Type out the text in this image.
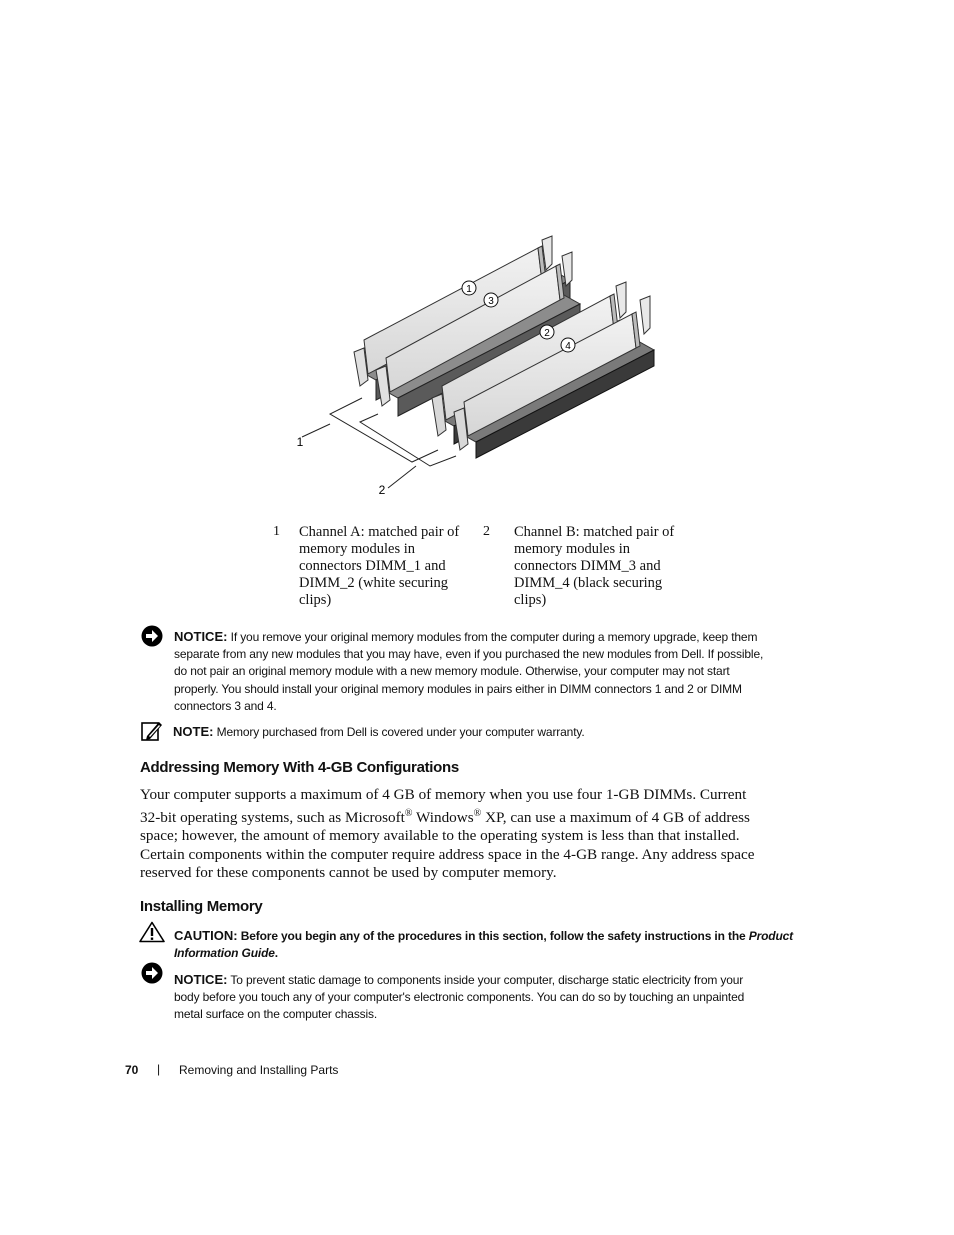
1
3
2
4
1
2
1 Channel A: matched pair of memory modules in connectors DIMM_1 and DIMM_2 (white securing clips)
2 Channel B: matched pair of memory modules in connectors DIMM_3 and DIMM_4 (black securing clips)
NOTICE: If you remove your original memory modules from the computer during a memory upgrade, keep them
separate from any new modules that you may have, even if you purchased the new modules from Dell. If possible,
do not pair an original memory module with a new memory module. Otherwise, your computer may not start
properly. You should install your original memory modules in pairs either in DIMM connectors 1 and 2 or DIMM
connectors 3 and 4.
NOTE: Memory purchased from Dell is covered under your computer warranty.
Addressing Memory With 4-GB Configurations
Your computer supports a maximum of 4 GB of memory when you use four 1-GB DIMMs. Current
32-bit operating systems, such as Microsoft® Windows® XP, can use a maximum of 4 GB of address
space; however, the amount of memory available to the operating system is less than that installed.
Certain components within the computer require address space in the 4-GB range. Any address space
reserved for these components cannot be used by computer memory.
Installing Memory
CAUTION: Before you begin any of the procedures in this section, follow the safety instructions in the Product
Information Guide.
NOTICE: To prevent static damage to components inside your computer, discharge static electricity from your
body before you touch any of your computer's electronic components. You can do so by touching an unpainted
metal surface on the computer chassis.
70 | Removing and Installing Parts
